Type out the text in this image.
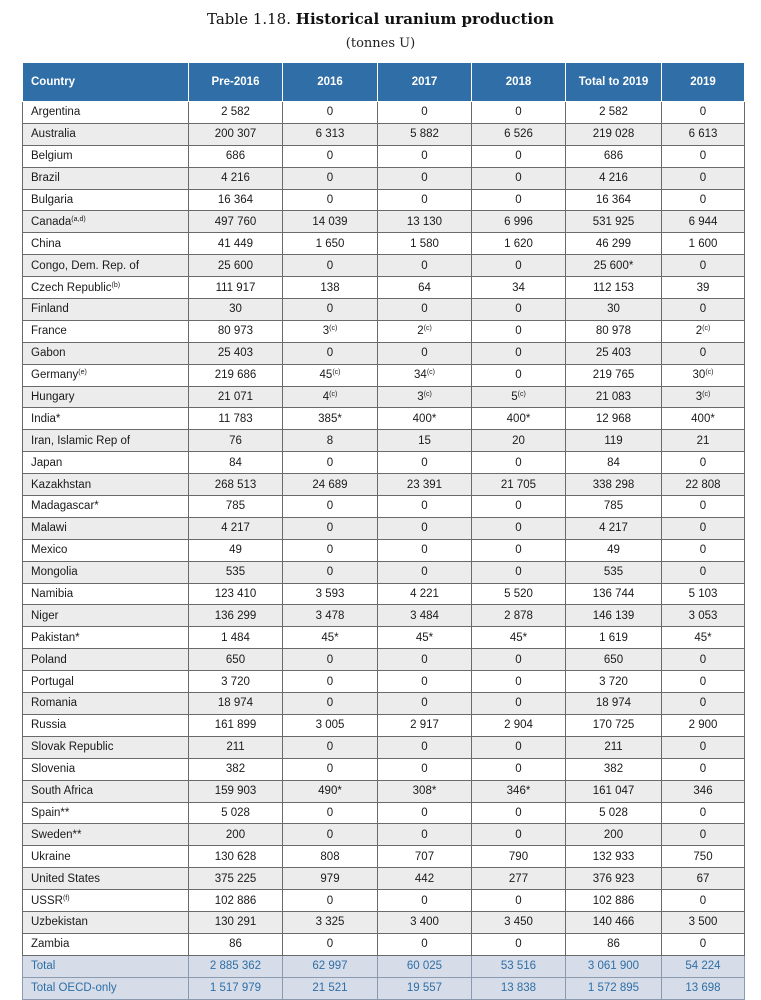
Table 1.18. Historical uranium production
(tonnes U)
Country	Pre-2016	2016	2017	2018	Total to 2019	2019
Argentina	2 582	0	0	0	2 582	0
Australia	200 307	6 313	5 882	6 526	219 028	6 613
Belgium	686	0	0	0	686	0
Brazil	4 216	0	0	0	4 216	0
Bulgaria	16 364	0	0	0	16 364	0
Canada$^{(a,d)}$	497 760	14 039	13 130	6 996	531 925	6 944
China	41 449	1 650	1 580	1 620	46 299	1 600
Congo, Dem. Rep. of	25 600	0	0	0	25 600*	0
Czech Republic$^{(b)}$	111 917	138	64	34	112 153	39
Finland	30	0	0	0	30	0
France	80 973	3$^{(c)}$	2$^{(c)}$	0	80 978	2$^{(c)}$
Gabon	25 403	0	0	0	25 403	0
Germany$^{(e)}$	219 686	45$^{(c)}$	34$^{(c)}$	0	219 765	30$^{(c)}$
Hungary	21 071	4$^{(c)}$	3$^{(c)}$	5$^{(c)}$	21 083	3$^{(c)}$
India*	11 783	385*	400*	400*	12 968	400*
Iran, Islamic Rep of	76	8	15	20	119	21
Japan	84	0	0	0	84	0
Kazakhstan	268 513	24 689	23 391	21 705	338 298	22 808
Madagascar*	785	0	0	0	785	0
Malawi	4 217	0	0	0	4 217	0
Mexico	49	0	0	0	49	0
Mongolia	535	0	0	0	535	0
Namibia	123 410	3 593	4 221	5 520	136 744	5 103
Niger	136 299	3 478	3 484	2 878	146 139	3 053
Pakistan*	1 484	45*	45*	45*	1 619	45*
Poland	650	0	0	0	650	0
Portugal	3 720	0	0	0	3 720	0
Romania	18 974	0	0	0	18 974	0
Russia	161 899	3 005	2 917	2 904	170 725	2 900
Slovak Republic	211	0	0	0	211	0
Slovenia	382	0	0	0	382	0
South Africa	159 903	490*	308*	346*	161 047	346
Spain**	5 028	0	0	0	5 028	0
Sweden**	200	0	0	0	200	0
Ukraine	130 628	808	707	790	132 933	750
United States	375 225	979	442	277	376 923	67
USSR$^{(f)}$	102 886	0	0	0	102 886	0
Uzbekistan	130 291	3 325	3 400	3 450	140 466	3 500
Zambia	86	0	0	0	86	0
Total	2 885 362	62 997	60 025	53 516	3 061 900	54 224
Total OECD-only	1 517 979	21 521	19 557	13 838	1 572 895	13 698
